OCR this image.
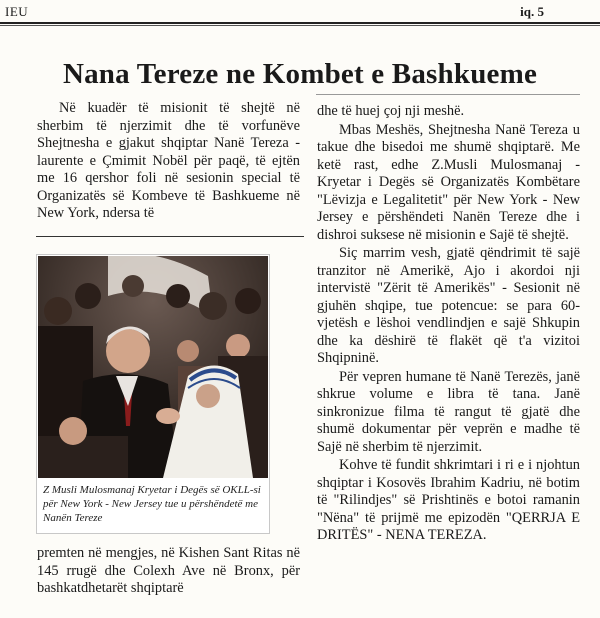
IEU	iq. 5
Nana Tereze ne Kombet e Bashkueme

Në kuadër të misionit të shejtë në sherbim të njerzimit dhe të vorfunëve Shejtnesha e gjakut shqiptar Nanë Tereza - laurente e Çmimit Nobël për paqë, të ejtën me 16 qershor foli në sesionin special të Organizatës së Kombeve të Bashkueme në New York, ndersa të

Z Musli Mulosmanaj Kryetar i Degës së OKLL-si për New York - New Jersey tue u përshëndetë me Nanën Tereze

premten në mengjes, në Kishen Sant Ritas në 145 rrugë dhe Colexh Ave në Bronx, për bashkatdhetarët shqiptarë

dhe të huej çoj nji meshë.

Mbas Meshës, Shejtnesha Nanë Tereza u takue dhe bisedoi me shumë shqiptarë. Me ketë rast, edhe Z.Musli Mulosmanaj - Kryetar i Degës së Organizatës Kombëtare "Lëvizja e Legalitetit" për New York - New Jersey e përshëndeti Nanën Tereze dhe i dishroi suksese në misionin e Sajë të shejtë.

Siç marrim vesh, gjatë qëndrimit të sajë tranzitor në Amerikë, Ajo i akordoi nji intervistë "Zërit të Amerikës" - Sesionit në gjuhën shqipe, tue potencue: se para 60-vjetësh e lëshoi vendlindjen e sajë Shkupin dhe ka dëshirë të flakët që t'a vizitoi Shqipninë.

Për vepren humane të Nanë Terezës, janë shkrue volume e libra të tana. Janë sinkronizue filma të rangut të gjatë dhe shumë dokumentar për veprën e madhe të Sajë në sherbim të njerzimit.

Kohve të fundit shkrimtari i ri e i njohtun shqiptar i Kosovës Ibrahim Kadriu, në botim të "Rilindjes" së Prishtinës e botoi ramanin "Nëna" të prijmë me epizodën "QERRJA E DRITËS" - NENA TEREZA.
